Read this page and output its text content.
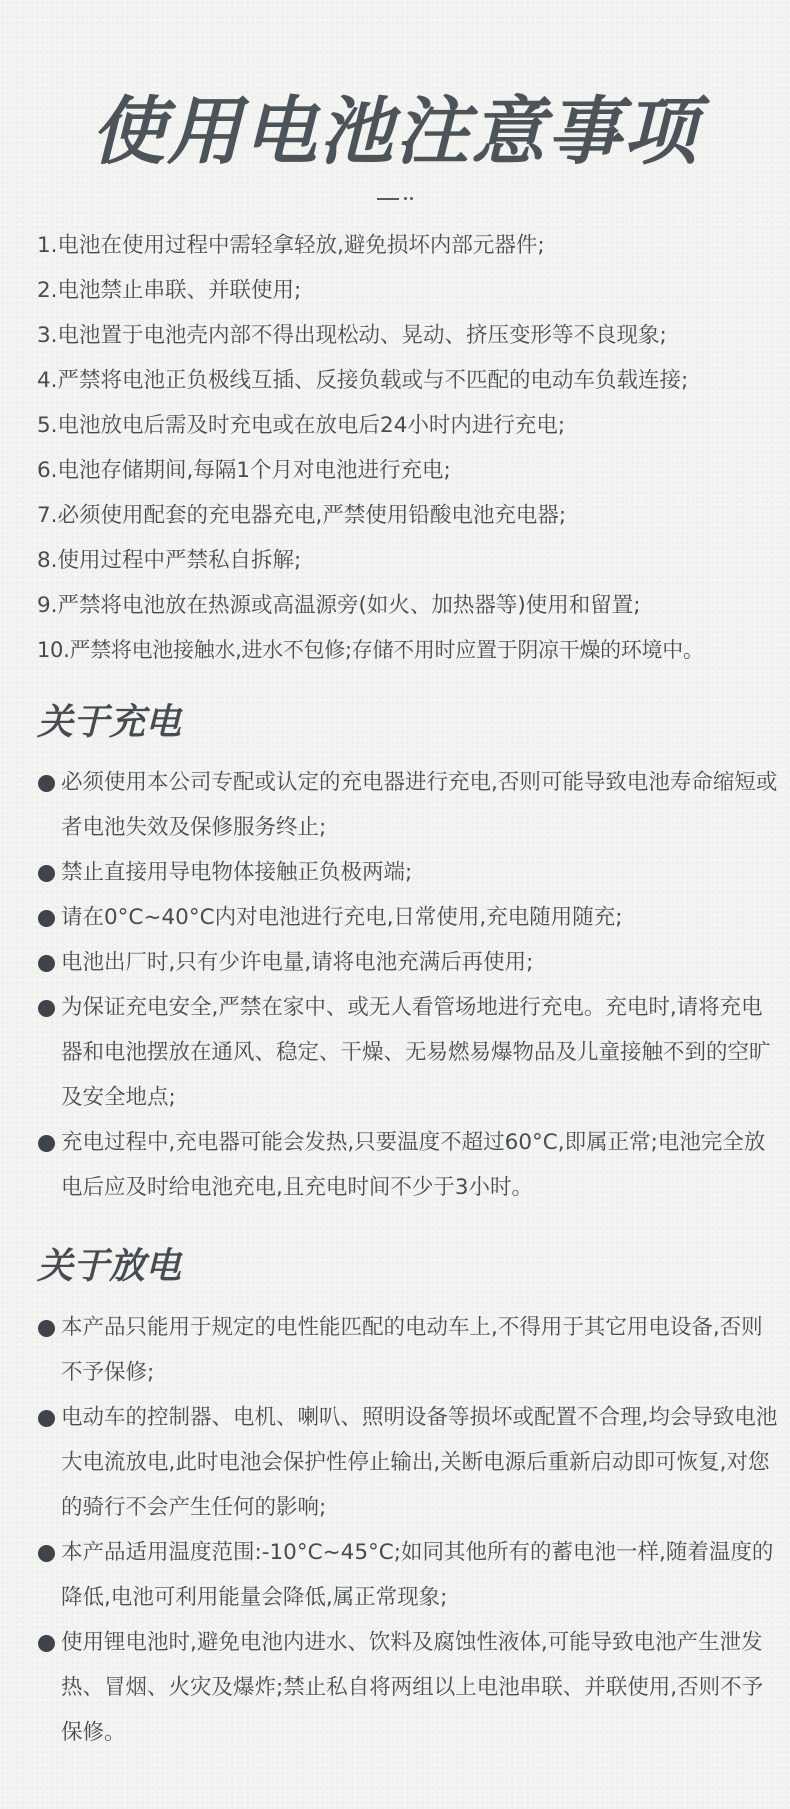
使用电池注意事项
1.电池在使用过程中需轻拿轻放,避免损坏内部元器件;
2.电池禁止串联、并联使用;
3.电池置于电池壳内部不得出现松动、晃动、挤压变形等不良现象;
4.严禁将电池正负极线互插、反接负载或与不匹配的电动车负载连接;
5.电池放电后需及时充电或在放电后24小时内进行充电;
6.电池存储期间,每隔1个月对电池进行充电;
7.必须使用配套的充电器充电,严禁使用铅酸电池充电器;
8.使用过程中严禁私自拆解;
9.严禁将电池放在热源或高温源旁(如火、加热器等)使用和留置;
10.严禁将电池接触水,进水不包修;存储不用时应置于阴凉干燥的环境中。
关于充电
必须使用本公司专配或认定的充电器进行充电,否则可能导致电池寿命缩短或者电池失效及保修服务终止;
禁止直接用导电物体接触正负极两端;
请在0°C~40°C内对电池进行充电,日常使用,充电随用随充;
电池出厂时,只有少许电量,请将电池充满后再使用;
为保证充电安全,严禁在家中、或无人看管场地进行充电。充电时,请将充电器和电池摆放在通风、稳定、干燥、无易燃易爆物品及儿童接触不到的空旷及安全地点;
充电过程中,充电器可能会发热,只要温度不超过60°C,即属正常;电池完全放电后应及时给电池充电,且充电时间不少于3小时。
关于放电
本产品只能用于规定的电性能匹配的电动车上,不得用于其它用电设备,否则不予保修;
电动车的控制器、电机、喇叭、照明设备等损坏或配置不合理,均会导致电池大电流放电,此时电池会保护性停止输出,关断电源后重新启动即可恢复,对您的骑行不会产生任何的影响;
本产品适用温度范围:-10°C~45°C;如同其他所有的蓄电池一样,随着温度的降低,电池可利用能量会降低,属正常现象;
使用锂电池时,避免电池内进水、饮料及腐蚀性液体,可能导致电池产生泄发热、冒烟、火灾及爆炸;禁止私自将两组以上电池串联、并联使用,否则不予保修。
